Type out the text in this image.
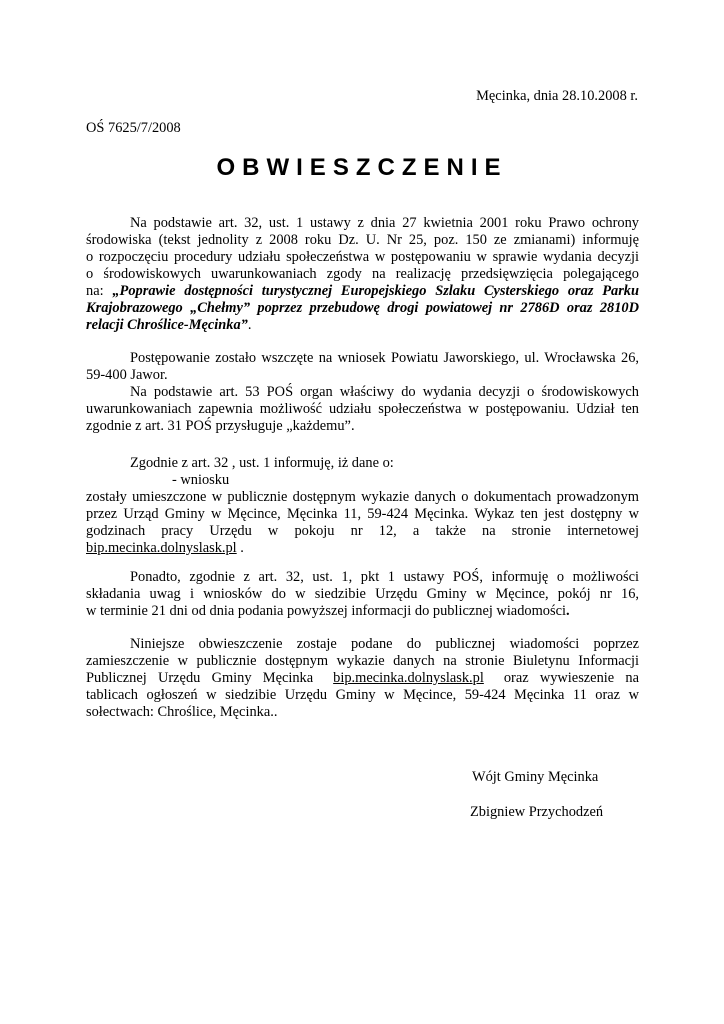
Męcinka, dnia 28.10.2008 r.
OŚ 7625/7/2008
OBWIESZCZENIE
Na podstawie art. 32, ust. 1 ustawy z dnia 27 kwietnia 2001 roku Prawo ochrony
środowiska (tekst jednolity z 2008 roku Dz. U. Nr 25, poz. 150 ze zmianami) informuję
o rozpoczęciu procedury udziału społeczeństwa w postępowaniu w sprawie wydania decyzji
o środowiskowych uwarunkowaniach zgody na realizację przedsięwzięcia polegającego
na: „Poprawie dostępności turystycznej Europejskiego Szlaku Cysterskiego oraz Parku
Krajobrazowego „Chełmy” poprzez przebudowę drogi powiatowej nr 2786D oraz 2810D
relacji Chroślice-Męcinka”.
Postępowanie zostało wszczęte na wniosek Powiatu Jaworskiego, ul. Wrocławska 26,
59-400 Jawor.
Na podstawie art. 53 POŚ organ właściwy do wydania decyzji o środowiskowych
uwarunkowaniach zapewnia możliwość udziału społeczeństwa w postępowaniu. Udział ten
zgodnie z art. 31 POŚ przysługuje „każdemu”.
Zgodnie z art. 32 , ust. 1 informuję, iż dane o:
- wniosku
zostały umieszczone w publicznie dostępnym wykazie danych o dokumentach prowadzonym
przez Urząd Gminy w Męcince, Męcinka 11, 59-424 Męcinka. Wykaz ten jest dostępny w
godzinach pracy Urzędu w pokoju nr 12, a także na stronie internetowej
bip.mecinka.dolnyslask.pl .
Ponadto, zgodnie z art. 32, ust. 1, pkt 1 ustawy POŚ, informuję o możliwości
składania uwag i wniosków do w siedzibie Urzędu Gminy w Męcince, pokój nr 16,
w terminie 21 dni od dnia podania powyższej informacji do publicznej wiadomości.
Niniejsze obwieszczenie zostaje podane do publicznej wiadomości poprzez
zamieszczenie w publicznie dostępnym wykazie danych na stronie Biuletynu Informacji
Publicznej Urzędu Gminy Męcinka bip.mecinka.dolnyslask.pl oraz wywieszenie na
tablicach ogłoszeń w siedzibie Urzędu Gminy w Męcince, 59-424 Męcinka 11 oraz w
sołectwach: Chroślice, Męcinka..
Wójt Gminy Męcinka
Zbigniew Przychodzeń
